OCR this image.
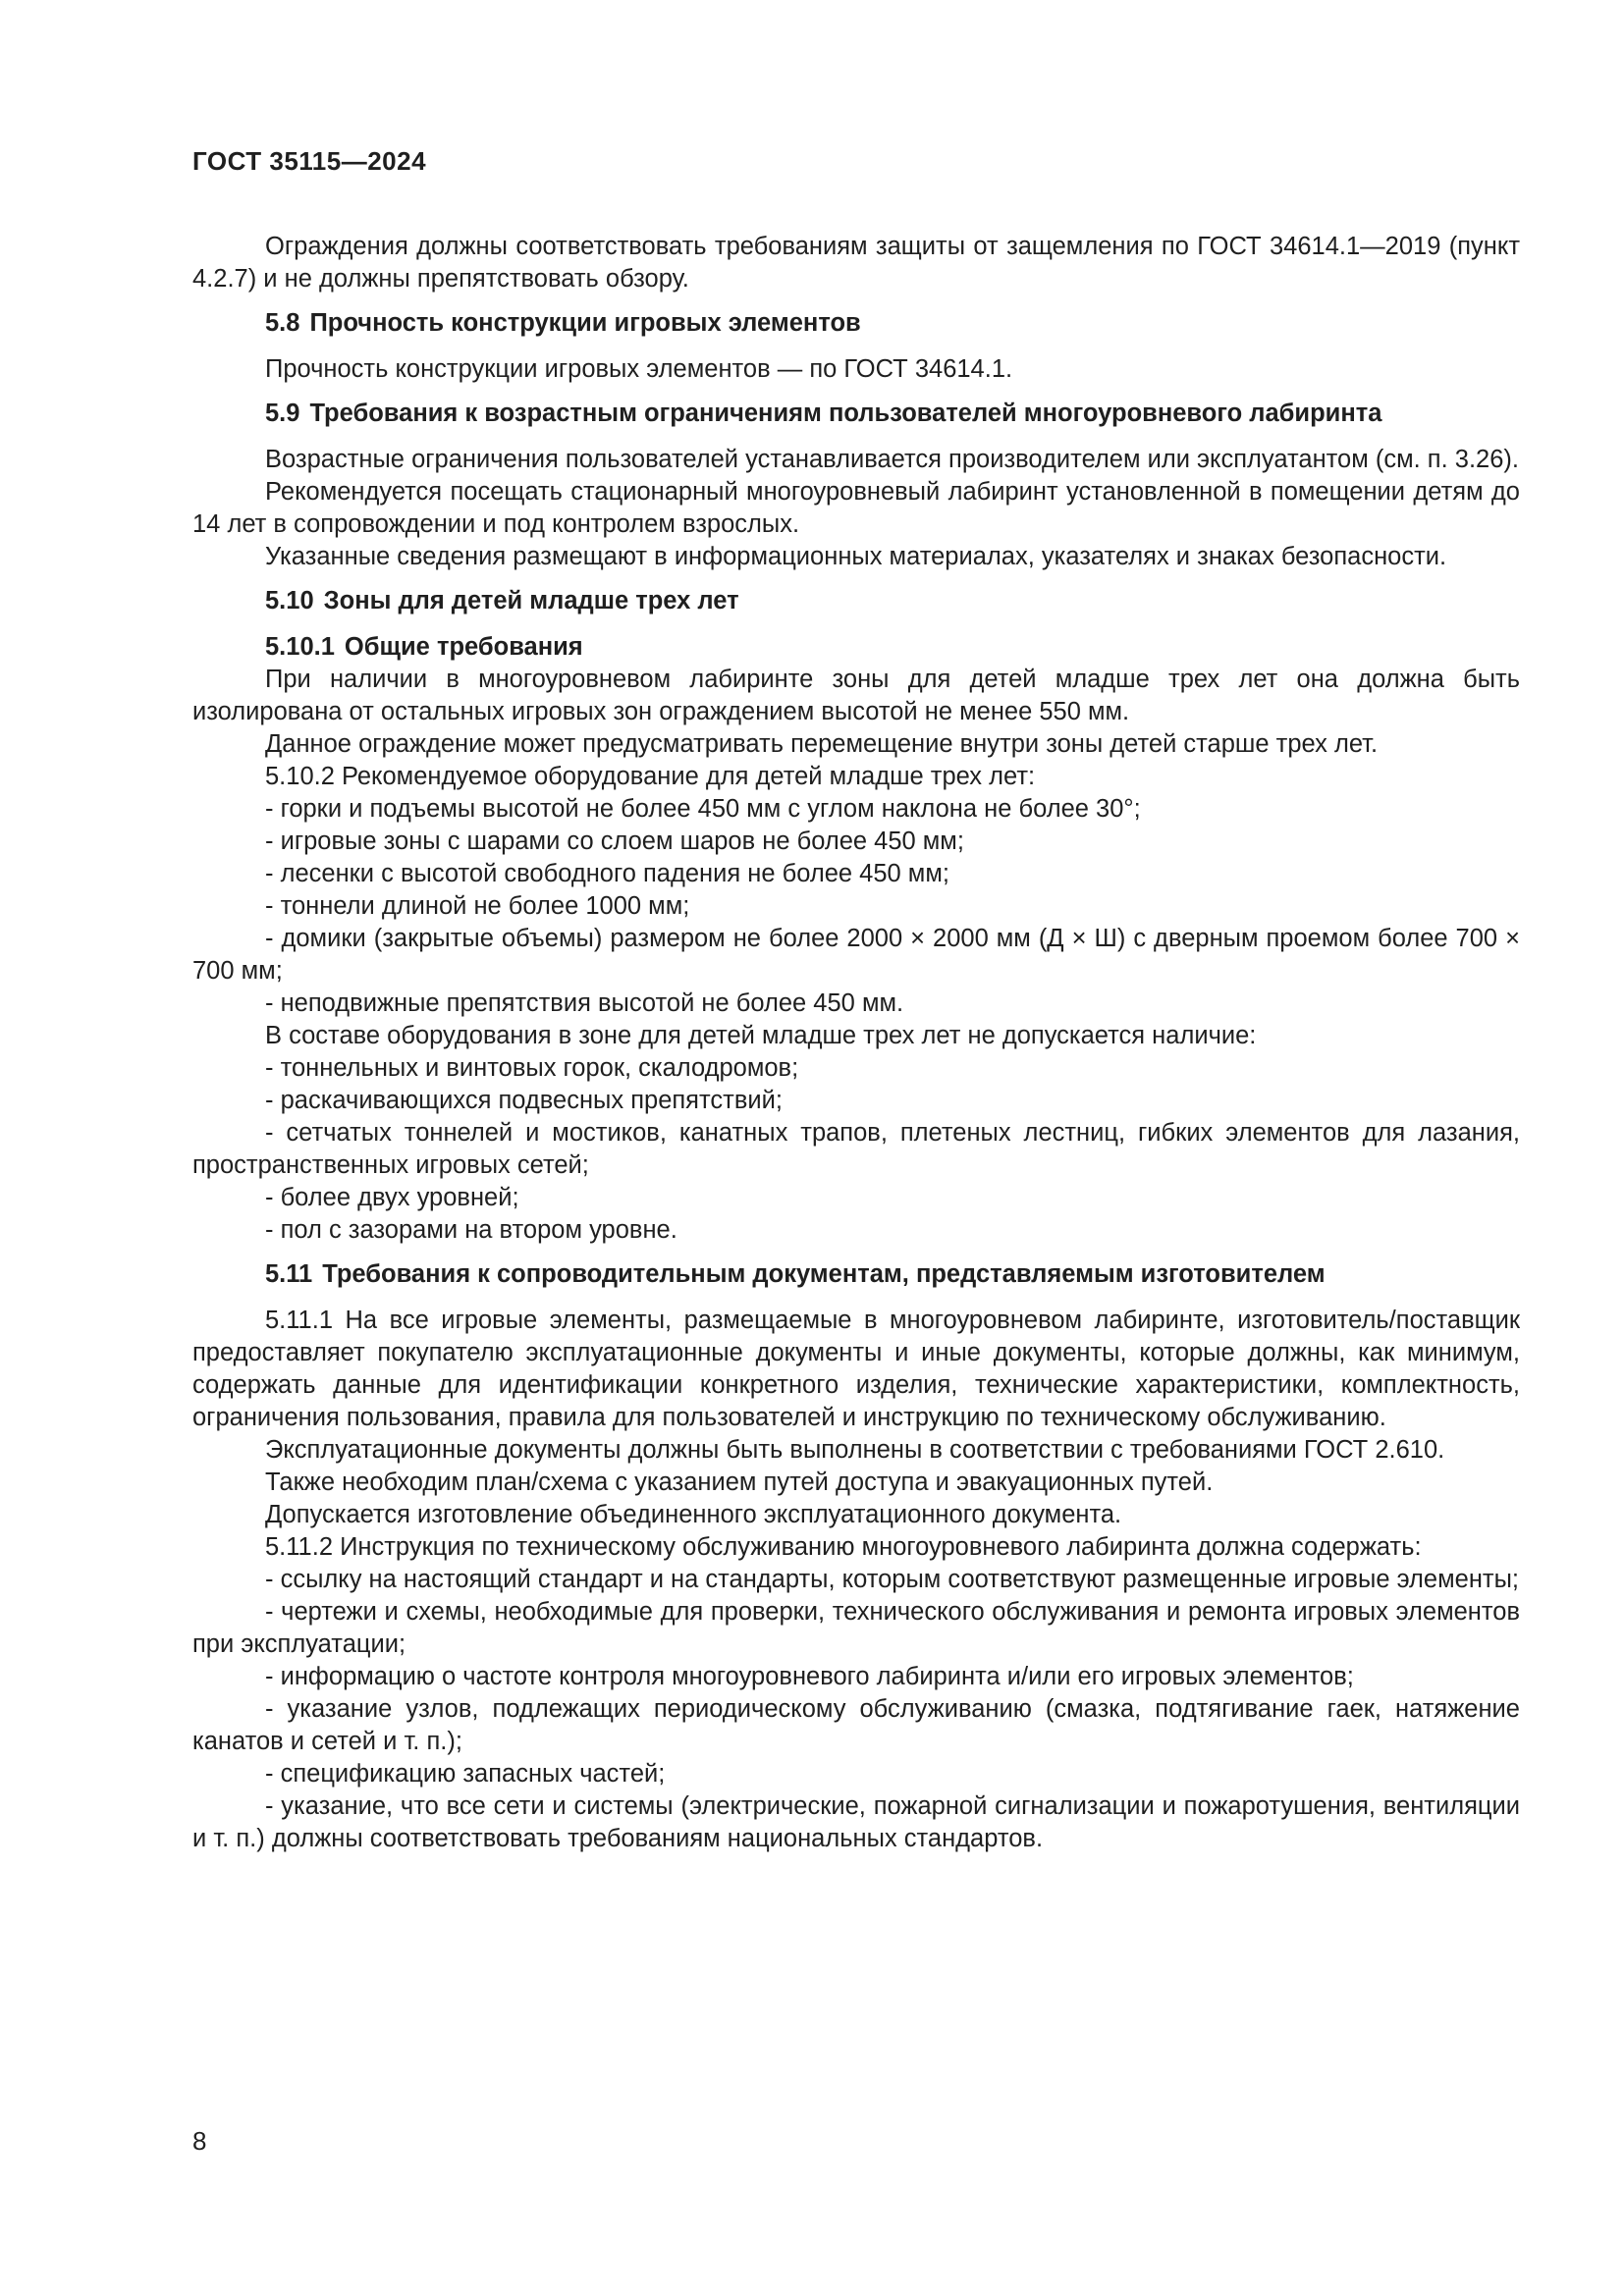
ГОСТ 35115—2024

Ограждения должны соответствовать требованиям защиты от защемления по ГОСТ 34614.1—2019 (пункт 4.2.7) и не должны препятствовать обзору.

5.8 Прочность конструкции игровых элементов

Прочность конструкции игровых элементов — по ГОСТ 34614.1.

5.9 Требования к возрастным ограничениям пользователей многоуровневого лабиринта

Возрастные ограничения пользователей устанавливается производителем или эксплуатантом (см. п. 3.26).

Рекомендуется посещать стационарный многоуровневый лабиринт установленной в помещении детям до 14 лет в сопровождении и под контролем взрослых.

Указанные сведения размещают в информационных материалах, указателях и знаках безопасности.

5.10 Зоны для детей младше трех лет
5.10.1 Общие требования

При наличии в многоуровневом лабиринте зоны для детей младше трех лет она должна быть изолирована от остальных игровых зон ограждением высотой не менее 550 мм.

Данное ограждение может предусматривать перемещение внутри зоны детей старше трех лет.

5.10.2 Рекомендуемое оборудование для детей младше трех лет:

- горки и подъемы высотой не более 450 мм с углом наклона не более 30°;

- игровые зоны с шарами со слоем шаров не более 450 мм;

- лесенки с высотой свободного падения не более 450 мм;

- тоннели длиной не более 1000 мм;

- домики (закрытые объемы) размером не более 2000 × 2000 мм (Д × Ш) с дверным проемом более 700 × 700 мм;

- неподвижные препятствия высотой не более 450 мм.

В составе оборудования в зоне для детей младше трех лет не допускается наличие:

- тоннельных и винтовых горок, скалодромов;

- раскачивающихся подвесных препятствий;

- сетчатых тоннелей и мостиков, канатных трапов, плетеных лестниц, гибких элементов для лазания, пространственных игровых сетей;

- более двух уровней;

- пол с зазорами на втором уровне.

5.11 Требования к сопроводительным документам, представляемым изготовителем

5.11.1 На все игровые элементы, размещаемые в многоуровневом лабиринте, изготовитель/поставщик предоставляет покупателю эксплуатационные документы и иные документы, которые должны, как минимум, содержать данные для идентификации конкретного изделия, технические характеристики, комплектность, ограничения пользования, правила для пользователей и инструкцию по техническому обслуживанию.

Эксплуатационные документы должны быть выполнены в соответствии с требованиями ГОСТ 2.610.

Также необходим план/схема с указанием путей доступа и эвакуационных путей.

Допускается изготовление объединенного эксплуатационного документа.

5.11.2 Инструкция по техническому обслуживанию многоуровневого лабиринта должна содержать:

- ссылку на настоящий стандарт и на стандарты, которым соответствуют размещенные игровые элементы;

- чертежи и схемы, необходимые для проверки, технического обслуживания и ремонта игровых элементов при эксплуатации;

- информацию о частоте контроля многоуровневого лабиринта и/или его игровых элементов;

- указание узлов, подлежащих периодическому обслуживанию (смазка, подтягивание гаек, натяжение канатов и сетей и т. п.);

- спецификацию запасных частей;

- указание, что все сети и системы (электрические, пожарной сигнализации и пожаротушения, вентиляции и т. п.) должны соответствовать требованиям национальных стандартов.

8
